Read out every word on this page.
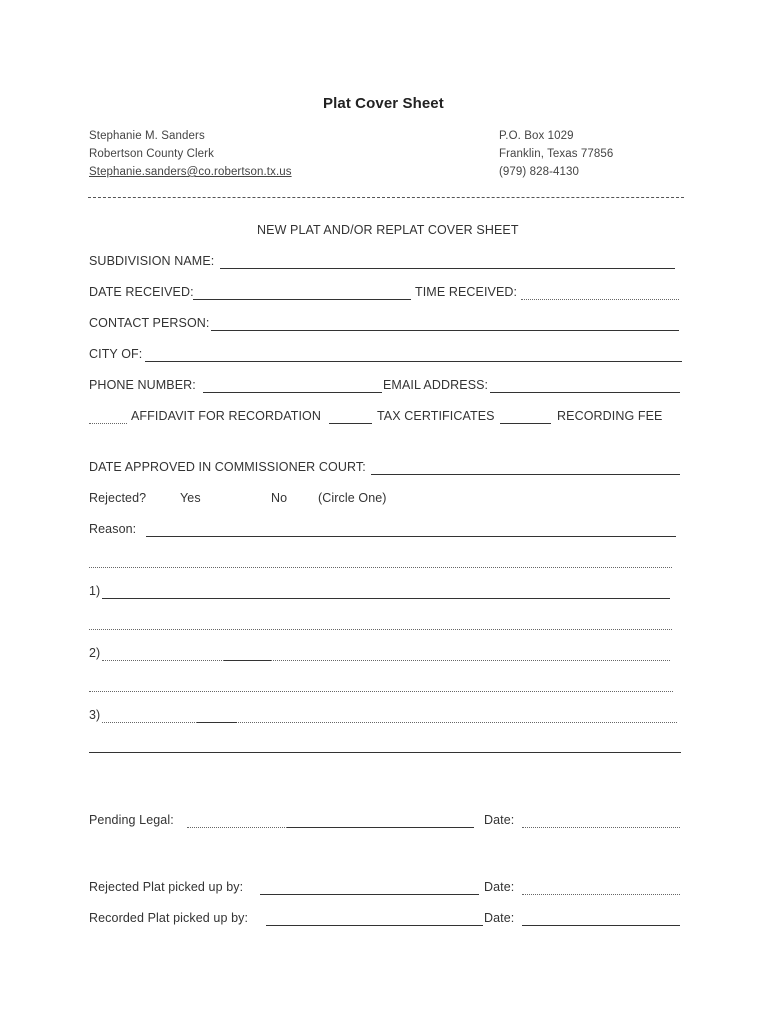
Plat Cover Sheet
Stephanie M. Sanders
Robertson County Clerk
Stephanie.sanders@co.robertson.tx.us
P.O. Box 1029
Franklin, Texas 77856
(979) 828-4130
NEW PLAT AND/OR REPLAT COVER SHEET
SUBDIVISION NAME:
DATE RECEIVED:	TIME RECEIVED:
CONTACT PERSON:
CITY OF:
PHONE NUMBER:	EMAIL ADDRESS:
AFFIDAVIT FOR RECORDATION	TAX CERTIFICATES	RECORDING FEE
DATE APPROVED IN COMMISSIONER COURT:
Rejected?	Yes	No (Circle One)
Reason:
1)
2)
3)
Pending Legal:	Date:
Rejected Plat picked up by:	Date:
Recorded Plat picked up by:	Date:
